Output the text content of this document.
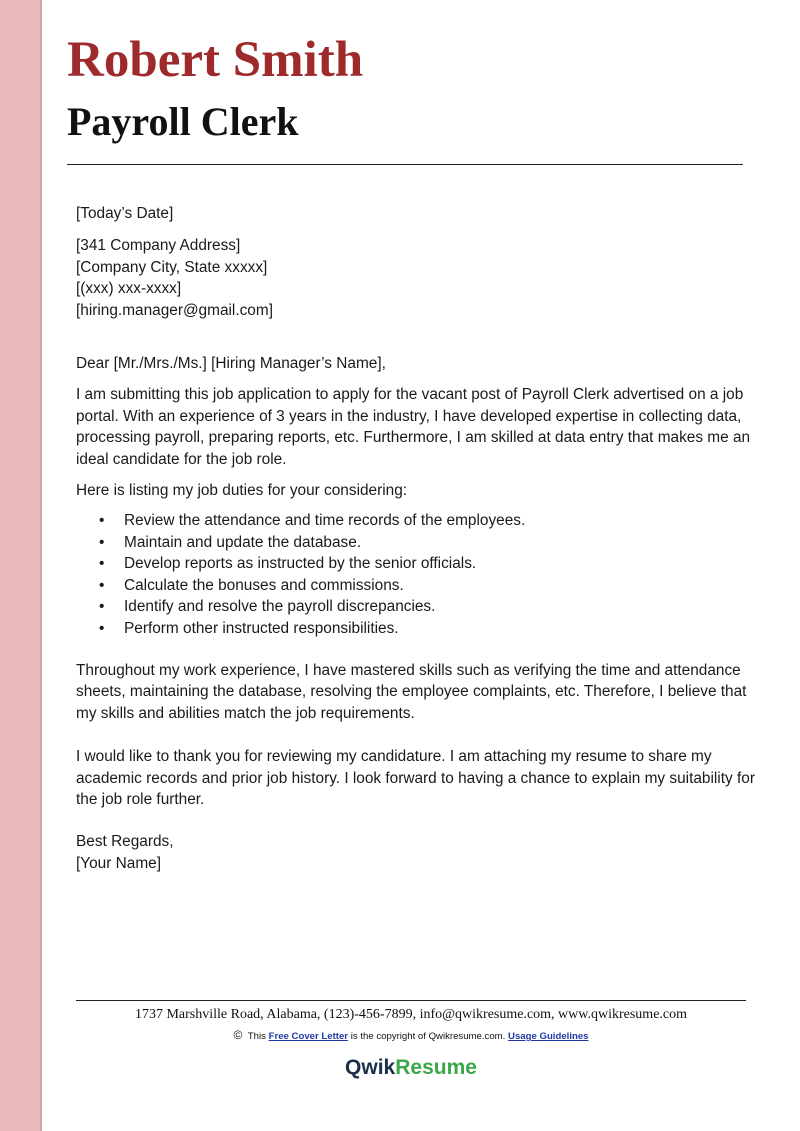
Robert Smith
Payroll Clerk

[Today’s Date]

[341 Company Address]

[Company City, State xxxxx]

[(xxx) xxx-xxxx]

[hiring.manager@gmail.com]

Dear [Mr./Mrs./Ms.] [Hiring Manager’s Name],

I am submitting this job application to apply for the vacant post of Payroll Clerk advertised on a job portal. With an experience of 3 years in the industry, I have developed expertise in collecting data, processing payroll, preparing reports, etc. Furthermore, I am skilled at data entry that makes me an ideal candidate for the job role.

Here is listing my job duties for your considering:

• Review the attendance and time records of the employees.
• Maintain and update the database.
• Develop reports as instructed by the senior officials.
• Calculate the bonuses and commissions.
• Identify and resolve the payroll discrepancies.
• Perform other instructed responsibilities.

Throughout my work experience, I have mastered skills such as verifying the time and attendance sheets, maintaining the database, resolving the employee complaints, etc. Therefore, I believe that my skills and abilities match the job requirements.

I would like to thank you for reviewing my candidature. I am attaching my resume to share my academic records and prior job history. I look forward to having a chance to explain my suitability for the job role further.

Best Regards,

[Your Name]

1737 Marshville Road, Alabama, (123)-456-7899, info@qwikresume.com, www.qwikresume.com
© This Free Cover Letter is the copyright of Qwikresume.com. Usage Guidelines
QwikResume
